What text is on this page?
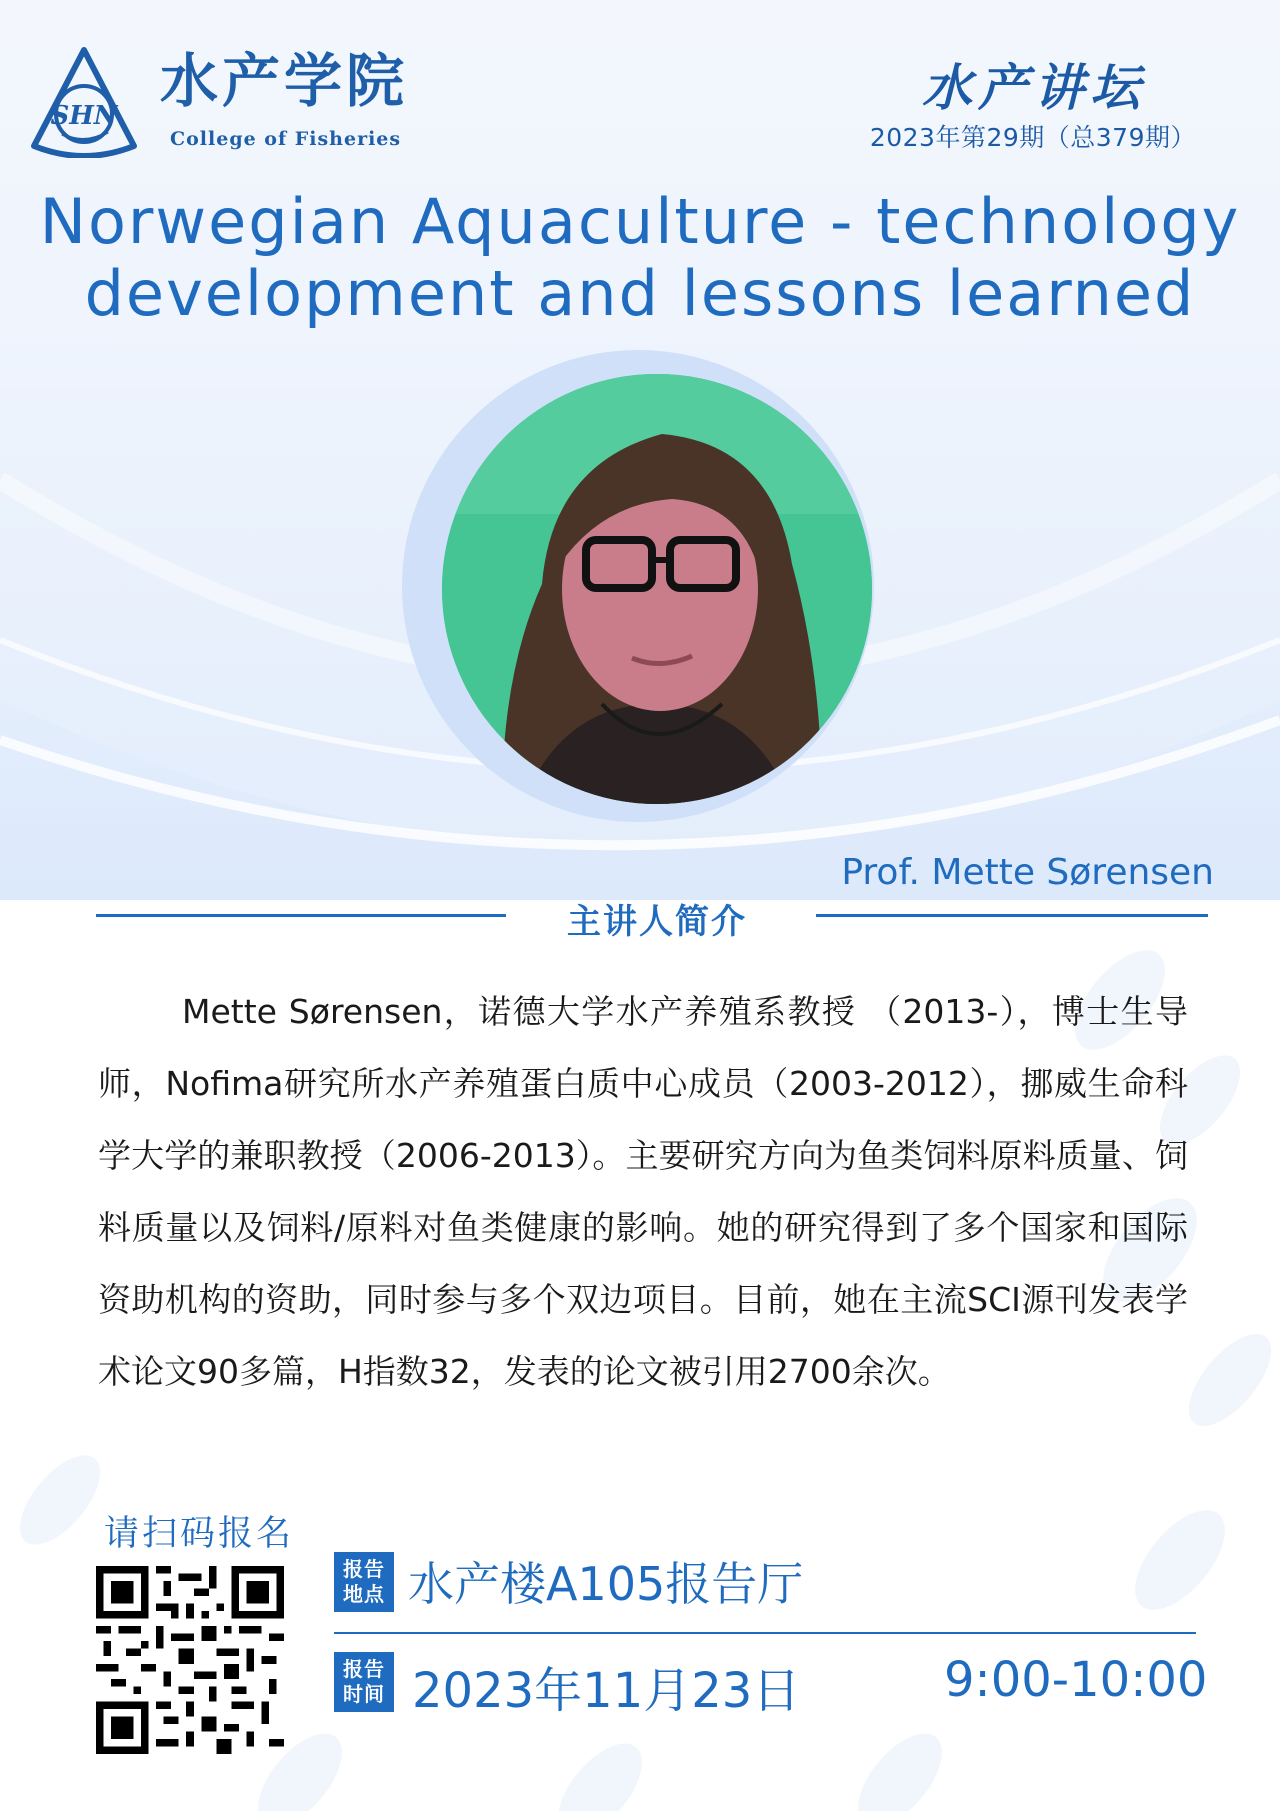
SHN
水产学院
College of Fisheries
水产讲坛
2023年第29期（总379期）
Norwegian Aquaculture - technology
development and lessons learned
Prof. Mette Sørensen
主讲人简介

Mette Sørensen，诺德大学水产养殖系教授 （2013-），博士生导师，Nofima研究所水产养殖蛋白质中心成员（2003-2012），挪威生命科学大学的兼职教授（2006-2013）。主要研究方向为鱼类饲料原料质量、饲料质量以及饲料/原料对鱼类健康的影响。她的研究得到了多个国家和国际资助机构的资助，同时参与多个双边项目。目前，她在主流SCI源刊发表学术论文90多篇，H指数32，发表的论文被引用2700余次。

请扫码报名
报告
地点 水产楼A105报告厅
报告
时间 2023年11月23日	9:00-10:00
